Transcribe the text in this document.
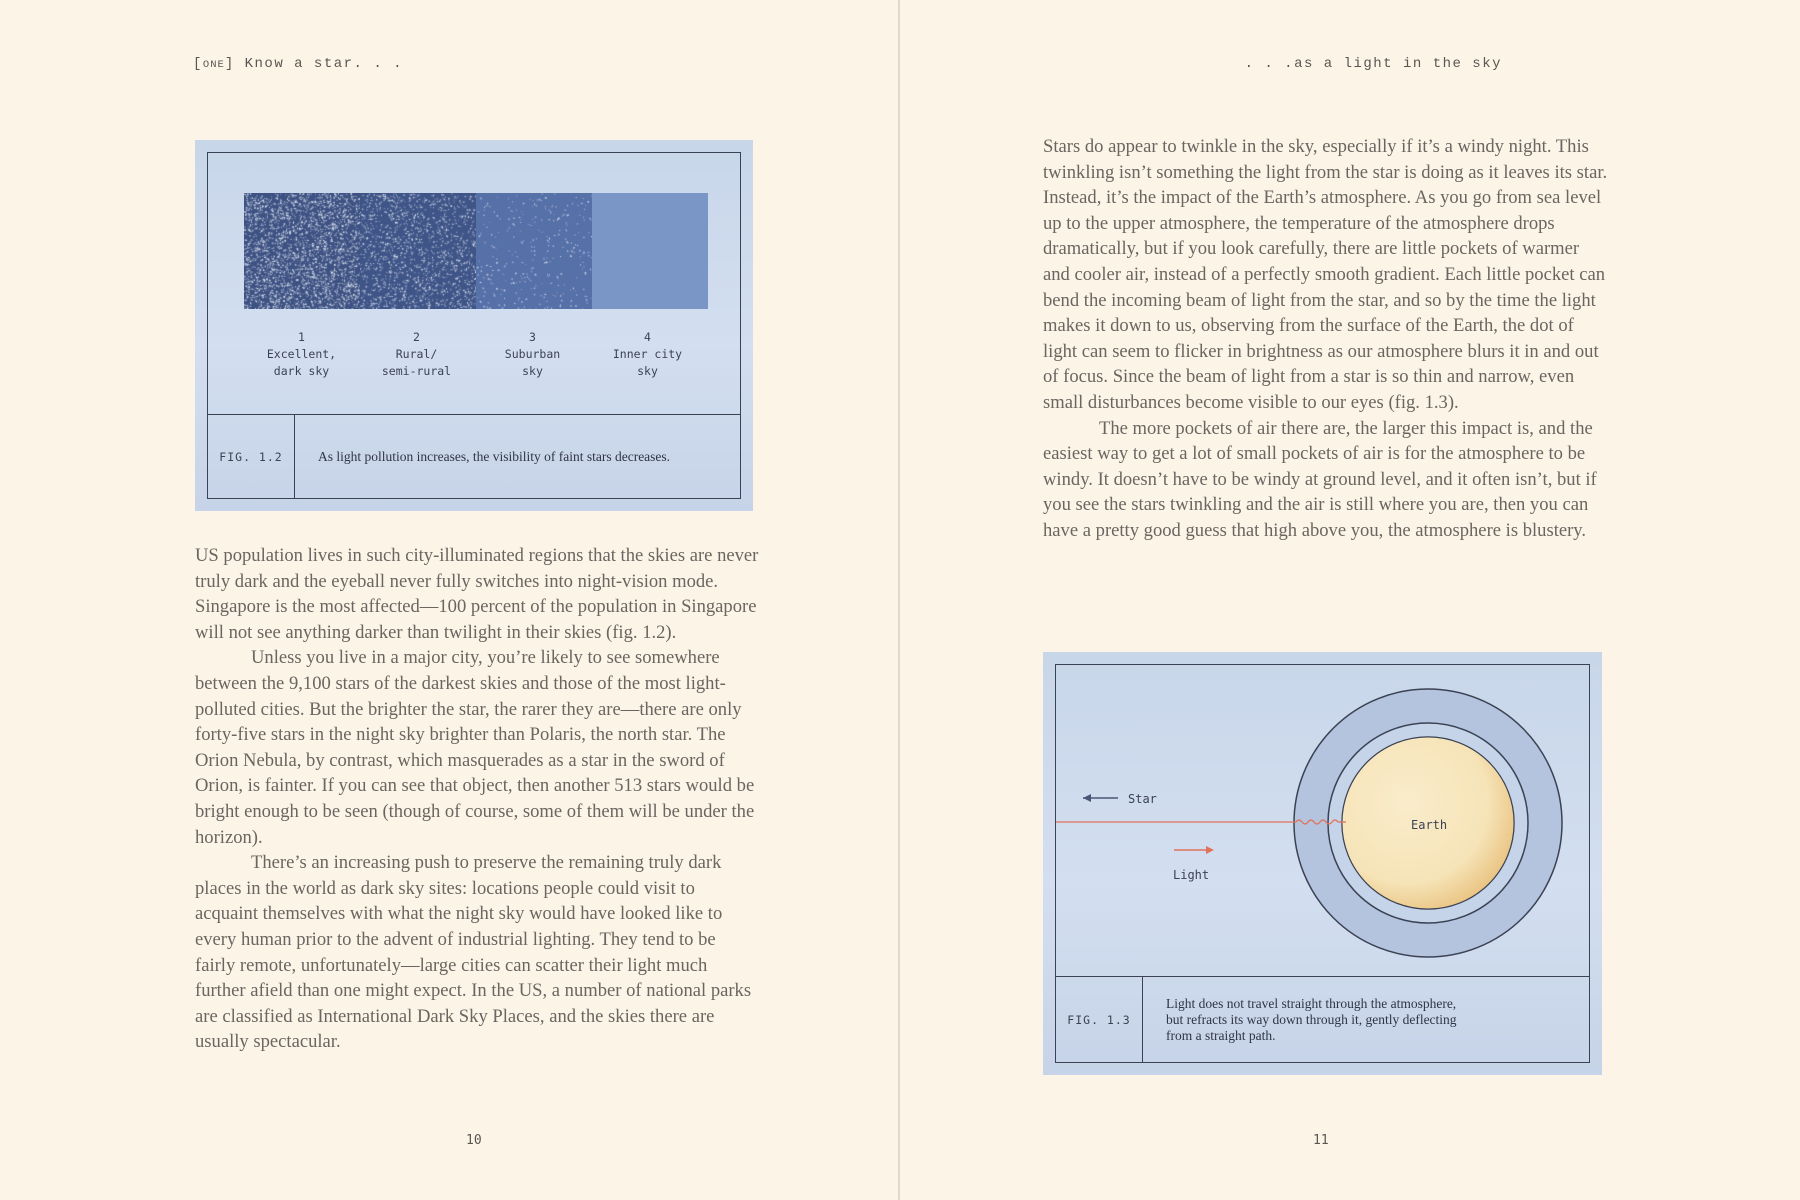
[ONE] Know a star. . .
1
Excellent,
dark sky
2
Rural/
semi-rural
3
Suburban
sky
4
Inner city
sky
FIG. 1.2	As light pollution increases, the visibility of faint stars decreases.

US population lives in such city-illuminated regions that the skies are never truly dark and the eyeball never fully switches into night-vision mode. Singapore is the most affected—100 percent of the population in Singapore will not see anything darker than twilight in their skies (fig. 1.2).

Unless you live in a major city, you’re likely to see somewhere between the 9,100 stars of the darkest skies and those of the most light-polluted cities. But the brighter the star, the rarer they are—there are only forty-five stars in the night sky brighter than Polaris, the north star. The Orion Nebula, by contrast, which masquerades as a star in the sword of Orion, is fainter. If you can see that object, then another 513 stars would be bright enough to be seen (though of course, some of them will be under the horizon).

There’s an increasing push to preserve the remaining truly dark places in the world as dark sky sites: locations people could visit to acquaint themselves with what the night sky would have looked like to every human prior to the advent of industrial lighting. They tend to be fairly remote, unfortunately—large cities can scatter their light much further afield than one might expect. In the US, a number of national parks are classified as International Dark Sky Places, and the skies there are usually spectacular.

10
. . .as a light in the sky

Stars do appear to twinkle in the sky, especially if it’s a windy night. This twinkling isn’t something the light from the star is doing as it leaves its star. Instead, it’s the impact of the Earth’s atmosphere. As you go from sea level up to the upper atmosphere, the temperature of the atmosphere drops dramatically, but if you look carefully, there are little pockets of warmer and cooler air, instead of a perfectly smooth gradient. Each little pocket can bend the incoming beam of light from the star, and so by the time the light makes it down to us, observing from the surface of the Earth, the dot of light can seem to flicker in brightness as our atmosphere blurs it in and out of focus. Since the beam of light from a star is so thin and narrow, even small disturbances become visible to our eyes (fig. 1.3).

The more pockets of air there are, the larger this impact is, and the easiest way to get a lot of small pockets of air is for the atmosphere to be windy. It doesn’t have to be windy at ground level, and it often isn’t, but if you see the stars twinkling and the air is still where you are, then you can have a pretty good guess that high above you, the atmosphere is blustery.

Star
Light
Earth
FIG. 1.3
Light does not travel straight through the atmosphere,
but refracts its way down through it, gently deflecting
from a straight path.
11
